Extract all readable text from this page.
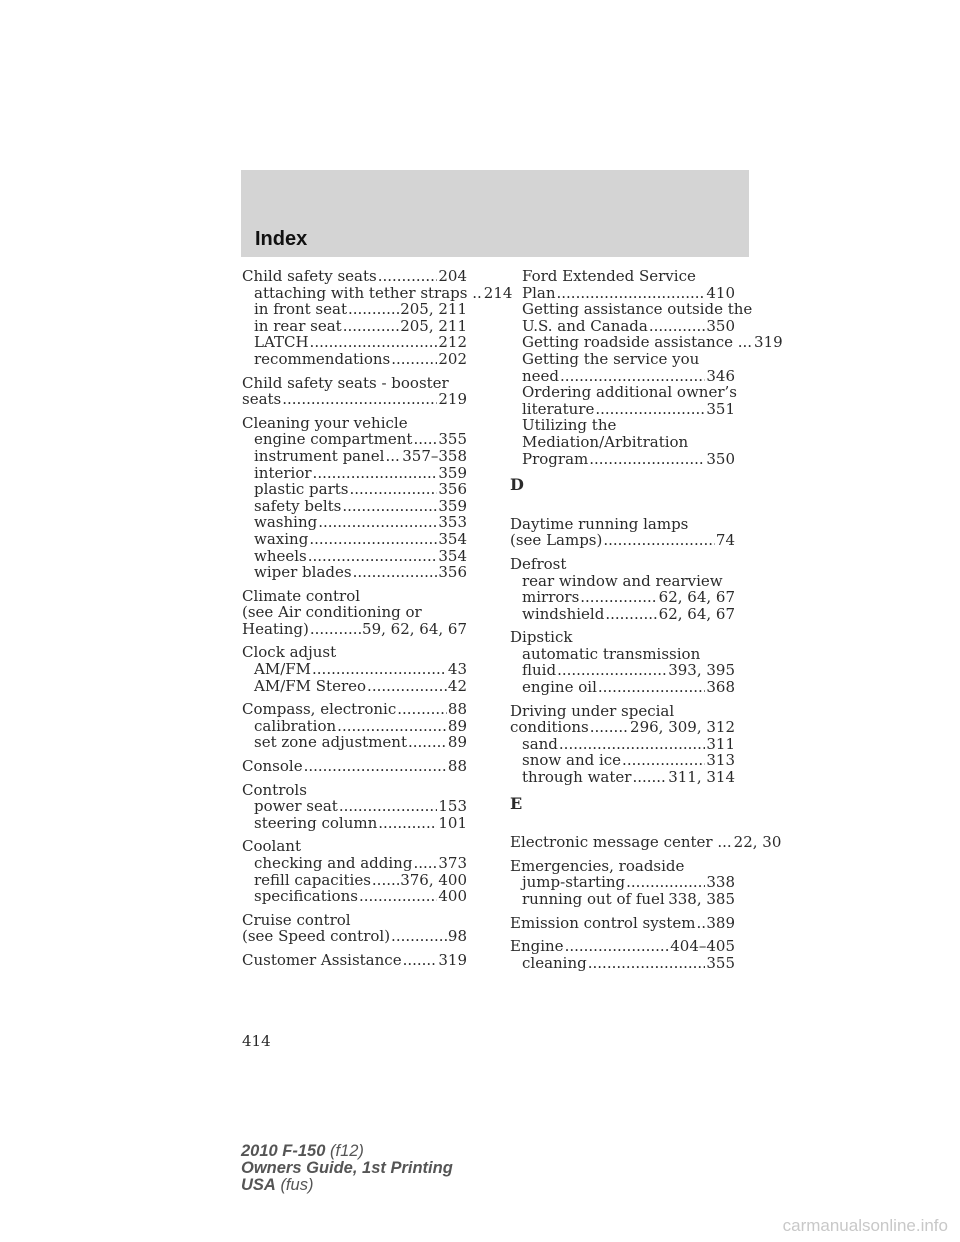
Index
Child safety seats .....	204
attaching with tether straps .. 214
in front seat .....	205, 211
in rear seat .....	205, 211
LATCH .....	212
recommendations .....	202
Child safety seats - booster
seats .....	219
Cleaning your vehicle
engine compartment ..... 355
instrument panel ..... 357–358
interior .....	359
plastic parts .....	356
safety belts .....	359
washing .....	353
waxing .....	354
wheels .....	354
wiper blades .....	356
Climate control
(see Air conditioning or
Heating) .....	59, 62, 64, 67
Clock adjust
AM/FM .....	43
AM/FM Stereo .....	42
Compass, electronic .....	88
calibration .....	89
set zone adjustment .....	89
Console .....	88
Controls
power seat .....	153
steering column .....	101
Coolant
checking and adding ..... 373
refill capacities ..... 376, 400
specifications .....	400
Cruise control
(see Speed control) .....	98
Customer Assistance ..... 319
Ford Extended Service
Plan .....	410
Getting assistance outside the
U.S. and Canada .....	350
Getting roadside assistance ... 319
Getting the service you
need .....	346
Ordering additional owner’s
literature .....	351
Utilizing the
Mediation/Arbitration
Program .....	350
D
Daytime running lamps
(see Lamps) .....	74
Defrost
rear window and rearview
mirrors .....	62, 64, 67
windshield .....	62, 64, 67
Dipstick
automatic transmission
fluid .....	393, 395
engine oil .....	368
Driving under special
conditions .....	296, 309, 312
sand .....	311
snow and ice .....	313
through water ..... 311, 314
E
Electronic message center ... 22, 30
Emergencies, roadside
jump-starting .....	338
running out of fuel ..... 338, 385
Emission control system ..... 389
Engine .....	404–405
cleaning .....	355
414
2010 F-150 (f12)
Owners Guide, 1st Printing
USA (fus)
carmanualsonline.info
